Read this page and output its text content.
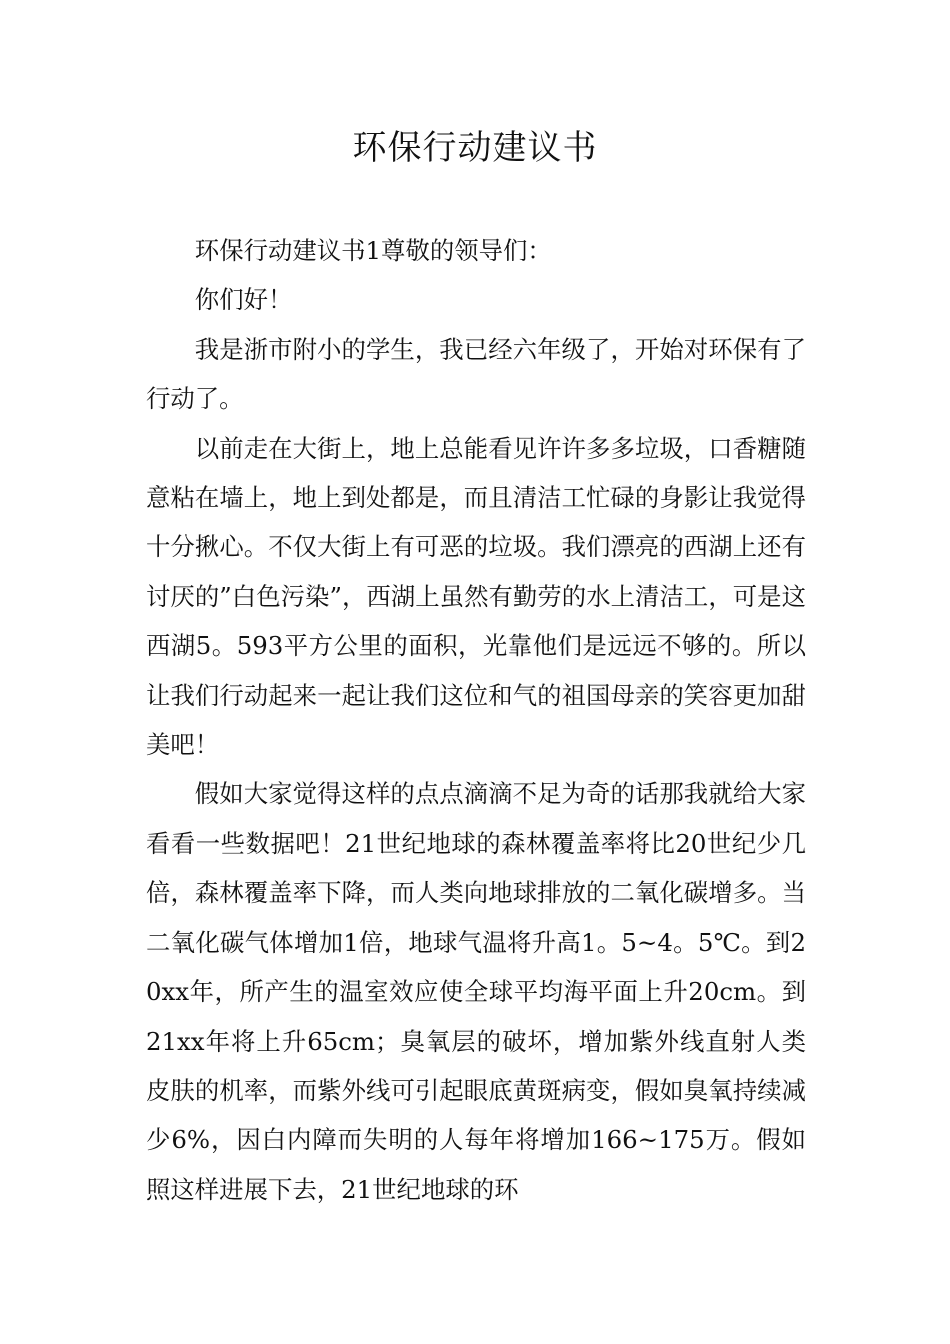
环保行动建议书

环保行动建议书1尊敬的领导们：

你们好！

我是浙市附小的学生，我已经六年级了，开始对环保有了行动了。

以前走在大街上，地上总能看见许许多多垃圾，口香糖随意粘在墙上，地上到处都是，而且清洁工忙碌的身影让我觉得十分揪心。不仅大街上有可恶的垃圾。我们漂亮的西湖上还有讨厌的”白色污染”，西湖上虽然有勤劳的水上清洁工，可是这西湖5。593平方公里的面积，光靠他们是远远不够的。所以让我们行动起来一起让我们这位和气的祖国母亲的笑容更加甜美吧！

假如大家觉得这样的点点滴滴不足为奇的话那我就给大家看看一些数据吧！21世纪地球的森林覆盖率将比20世纪少几倍，森林覆盖率下降，而人类向地球排放的二氧化碳增多。当二氧化碳气体增加1倍，地球气温将升高1。5~4。5℃。到20xx年，所产生的温室效应使全球平均海平面上升20cm。到21xx年将上升65cm；臭氧层的破坏，增加紫外线直射人类皮肤的机率，而紫外线可引起眼底黄斑病变，假如臭氧持续减少6%，因白内障而失明的人每年将增加166~175万。假如照这样进展下去，21世纪地球的环
